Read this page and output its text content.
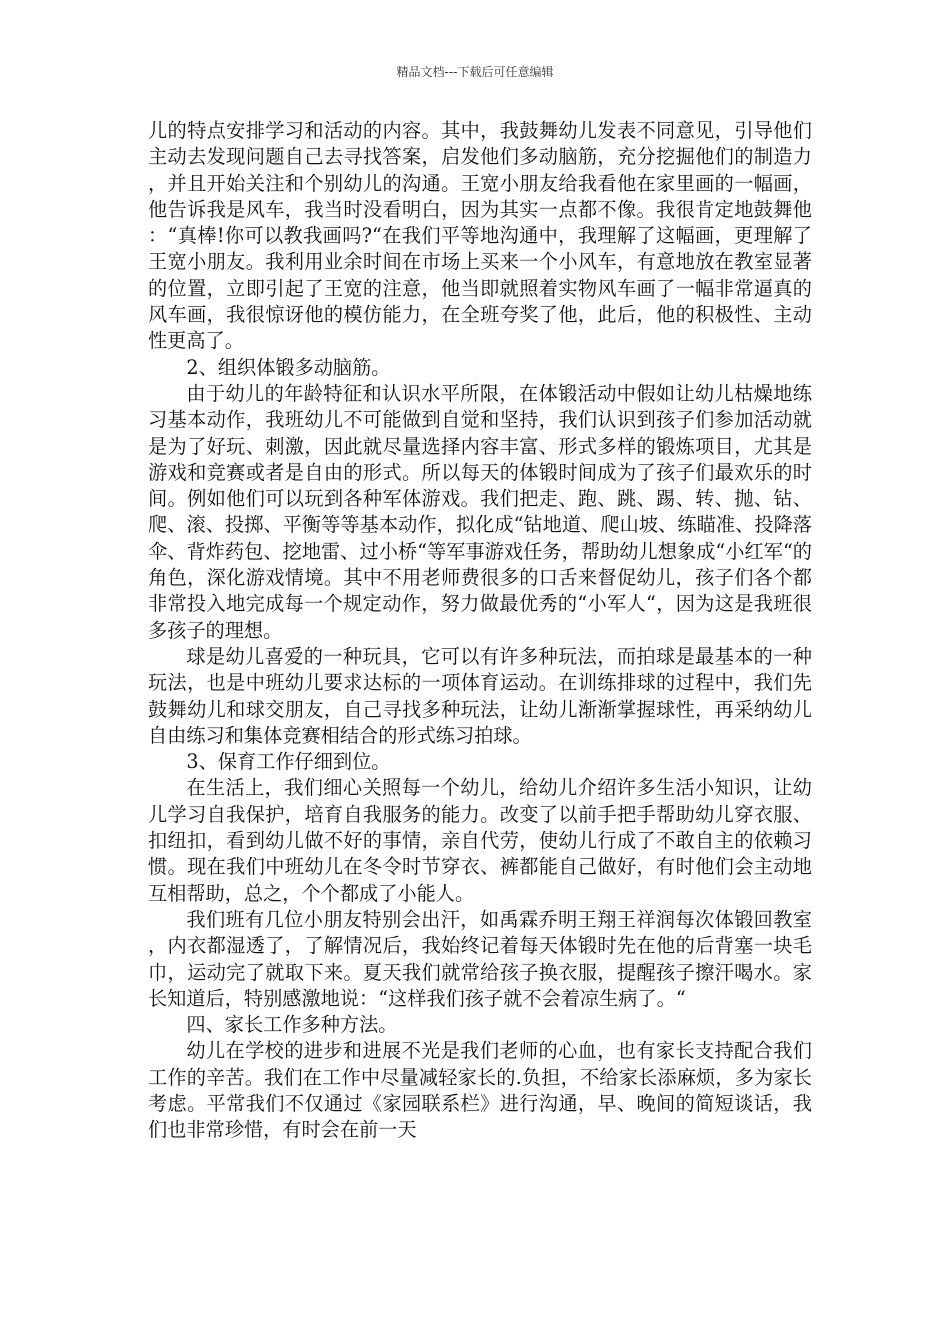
精品文档---下载后可任意编辑

儿的特点安排学习和活动的内容。其中，我鼓舞幼儿发表不同意见，引导他们主动去发现问题自己去寻找答案，启发他们多动脑筋，充分挖掘他们的制造力，并且开始关注和个别幼儿的沟通。王宽小朋友给我看他在家里画的一幅画，他告诉我是风车，我当时没看明白，因为其实一点都不像。我很肯定地鼓舞他：“真棒!你可以教我画吗?“在我们平等地沟通中，我理解了这幅画，更理解了王宽小朋友。我利用业余时间在市场上买来一个小风车，有意地放在教室显著的位置，立即引起了王宽的注意，他当即就照着实物风车画了一幅非常逼真的风车画，我很惊讶他的模仿能力，在全班夸奖了他，此后，他的积极性、主动性更高了。

2、组织体锻多动脑筋。

由于幼儿的年龄特征和认识水平所限，在体锻活动中假如让幼儿枯燥地练习基本动作，我班幼儿不可能做到自觉和坚持，我们认识到孩子们参加活动就是为了好玩、刺激，因此就尽量选择内容丰富、形式多样的锻炼项目，尤其是游戏和竞赛或者是自由的形式。所以每天的体锻时间成为了孩子们最欢乐的时间。例如他们可以玩到各种军体游戏。我们把走、跑、跳、踢、转、抛、钻、爬、滚、投掷、平衡等等基本动作，拟化成“钻地道、爬山坡、练瞄准、投降落伞、背炸药包、挖地雷、过小桥“等军事游戏任务，帮助幼儿想象成“小红军“的角色，深化游戏情境。其中不用老师费很多的口舌来督促幼儿，孩子们各个都非常投入地完成每一个规定动作，努力做最优秀的“小军人“，因为这是我班很多孩子的理想。

球是幼儿喜爱的一种玩具，它可以有许多种玩法，而拍球是最基本的一种玩法，也是中班幼儿要求达标的一项体育运动。在训练排球的过程中，我们先鼓舞幼儿和球交朋友，自己寻找多种玩法，让幼儿渐渐掌握球性，再采纳幼儿自由练习和集体竞赛相结合的形式练习拍球。

3、保育工作仔细到位。

在生活上，我们细心关照每一个幼儿，给幼儿介绍许多生活小知识，让幼儿学习自我保护，培育自我服务的能力。改变了以前手把手帮助幼儿穿衣服、扣纽扣，看到幼儿做不好的事情，亲自代劳，使幼儿行成了不敢自主的依赖习惯。现在我们中班幼儿在冬令时节穿衣、裤都能自己做好，有时他们会主动地互相帮助，总之，个个都成了小能人。

我们班有几位小朋友特别会出汗，如禹霖乔明王翔王祥润每次体锻回教室，内衣都湿透了，了解情况后，我始终记着每天体锻时先在他的后背塞一块毛巾，运动完了就取下来。夏天我们就常给孩子换衣服，提醒孩子擦汗喝水。家长知道后，特别感激地说：“这样我们孩子就不会着凉生病了。“

四、家长工作多种方法。

幼儿在学校的进步和进展不光是我们老师的心血，也有家长支持配合我们工作的辛苦。我们在工作中尽量减轻家长的.负担，不给家长添麻烦，多为家长考虑。平常我们不仅通过《家园联系栏》进行沟通，早、晚间的简短谈话，我们也非常珍惜，有时会在前一天
